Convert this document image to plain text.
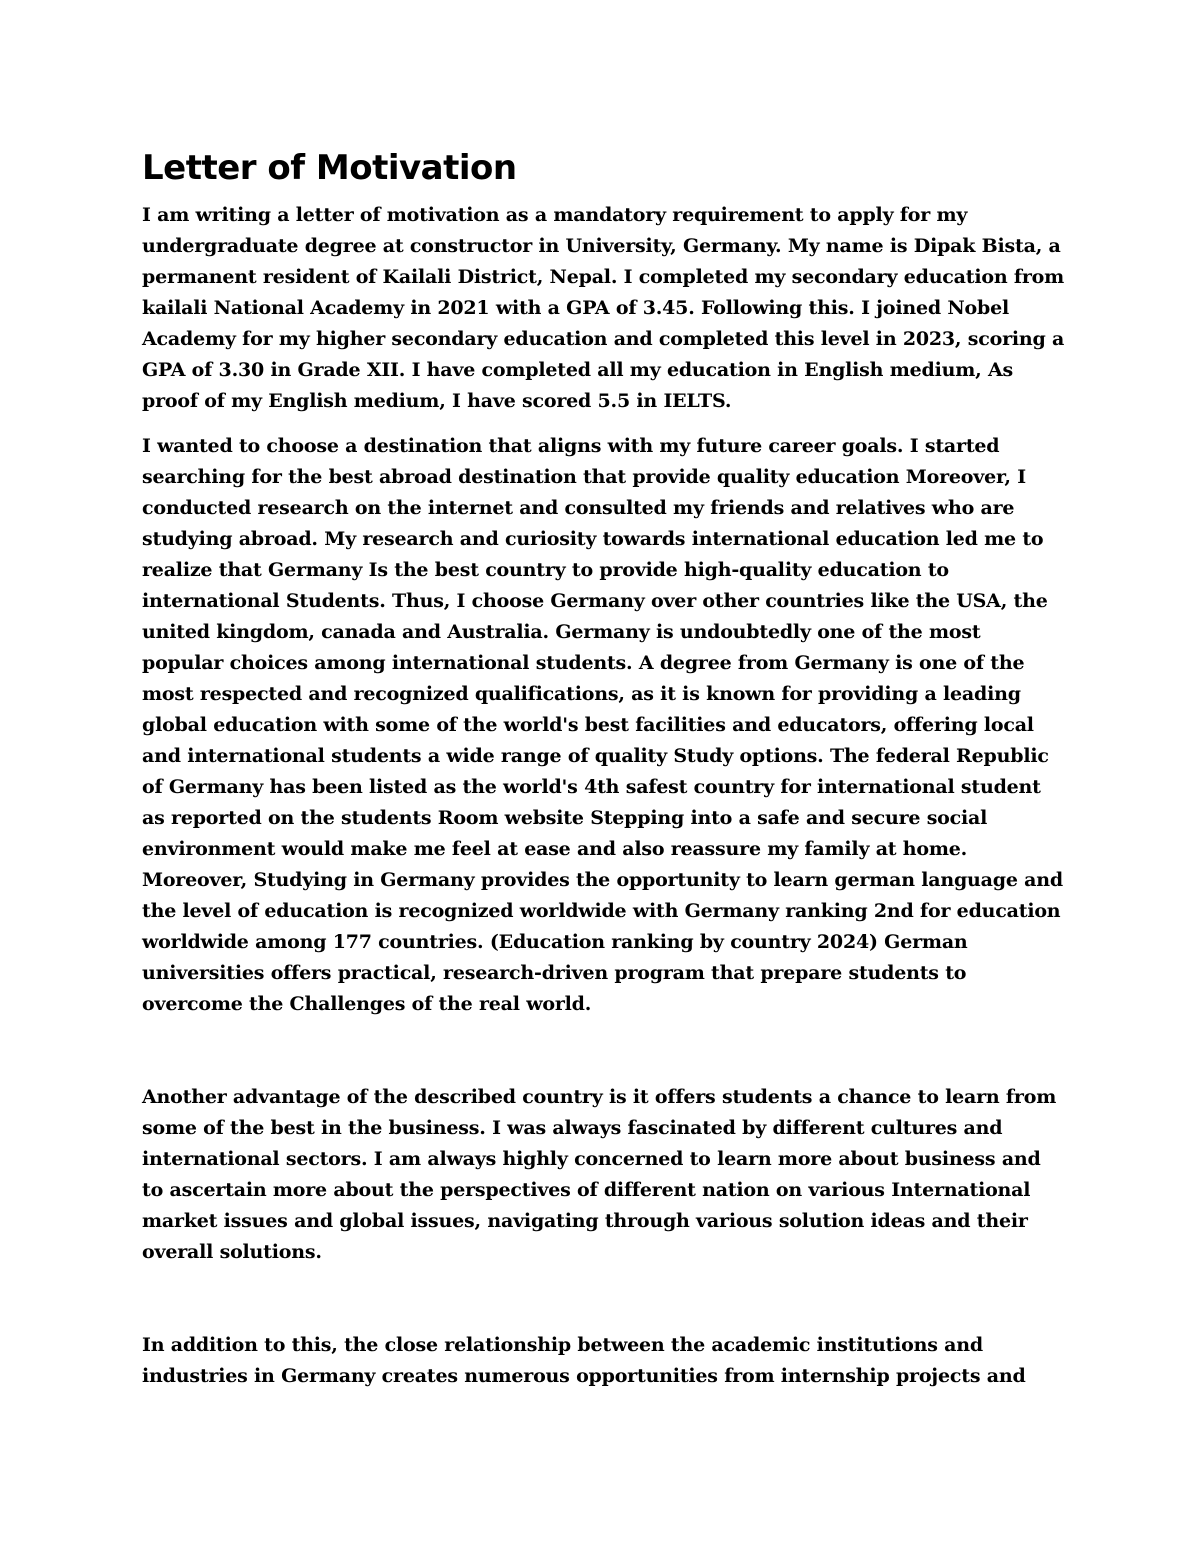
Letter of Motivation

I am writing a letter of motivation as a mandatory requirement to apply for my undergraduate degree at constructor in University, Germany. My name is Dipak Bista, a permanent resident of Kailali District, Nepal. I completed my secondary education from kailali National Academy in 2021 with a GPA of 3.45. Following this. I joined Nobel Academy for my higher secondary education and completed this level in 2023, scoring a GPA of 3.30 in Grade XII. I have completed all my education in English medium, As proof of my English medium, I have scored 5.5 in IELTS.

I wanted to choose a destination that aligns with my future career goals. I started searching for the best abroad destination that provide quality education Moreover, I conducted research on the internet and consulted my friends and relatives who are studying abroad. My research and curiosity towards international education led me to realize that Germany Is the best country to provide high-quality education to international Students. Thus, I choose Germany over other countries like the USA, the united kingdom, canada and Australia. Germany is undoubtedly one of the most popular choices among international students. A degree from Germany is one of the most respected and recognized qualifications, as it is known for providing a leading global education with some of the world's best facilities and educators, offering local and international students a wide range of quality Study options. The federal Republic of Germany has been listed as the world's 4th safest country for international student as reported on the students Room website Stepping into a safe and secure social environment would make me feel at ease and also reassure my family at home. Moreover, Studying in Germany provides the opportunity to learn german language and the level of education is recognized worldwide with Germany ranking 2nd for education worldwide among 177 countries. (Education ranking by country 2024) German universities offers practical, research-driven program that prepare students to overcome the Challenges of the real world.

Another advantage of the described country is it offers students a chance to learn from some of the best in the business. I was always fascinated by different cultures and international sectors. I am always highly concerned to learn more about business and to ascertain more about the perspectives of different nation on various International market issues and global issues, navigating through various solution ideas and their overall solutions.

In addition to this, the close relationship between the academic institutions and industries in Germany creates numerous opportunities from internship projects and
